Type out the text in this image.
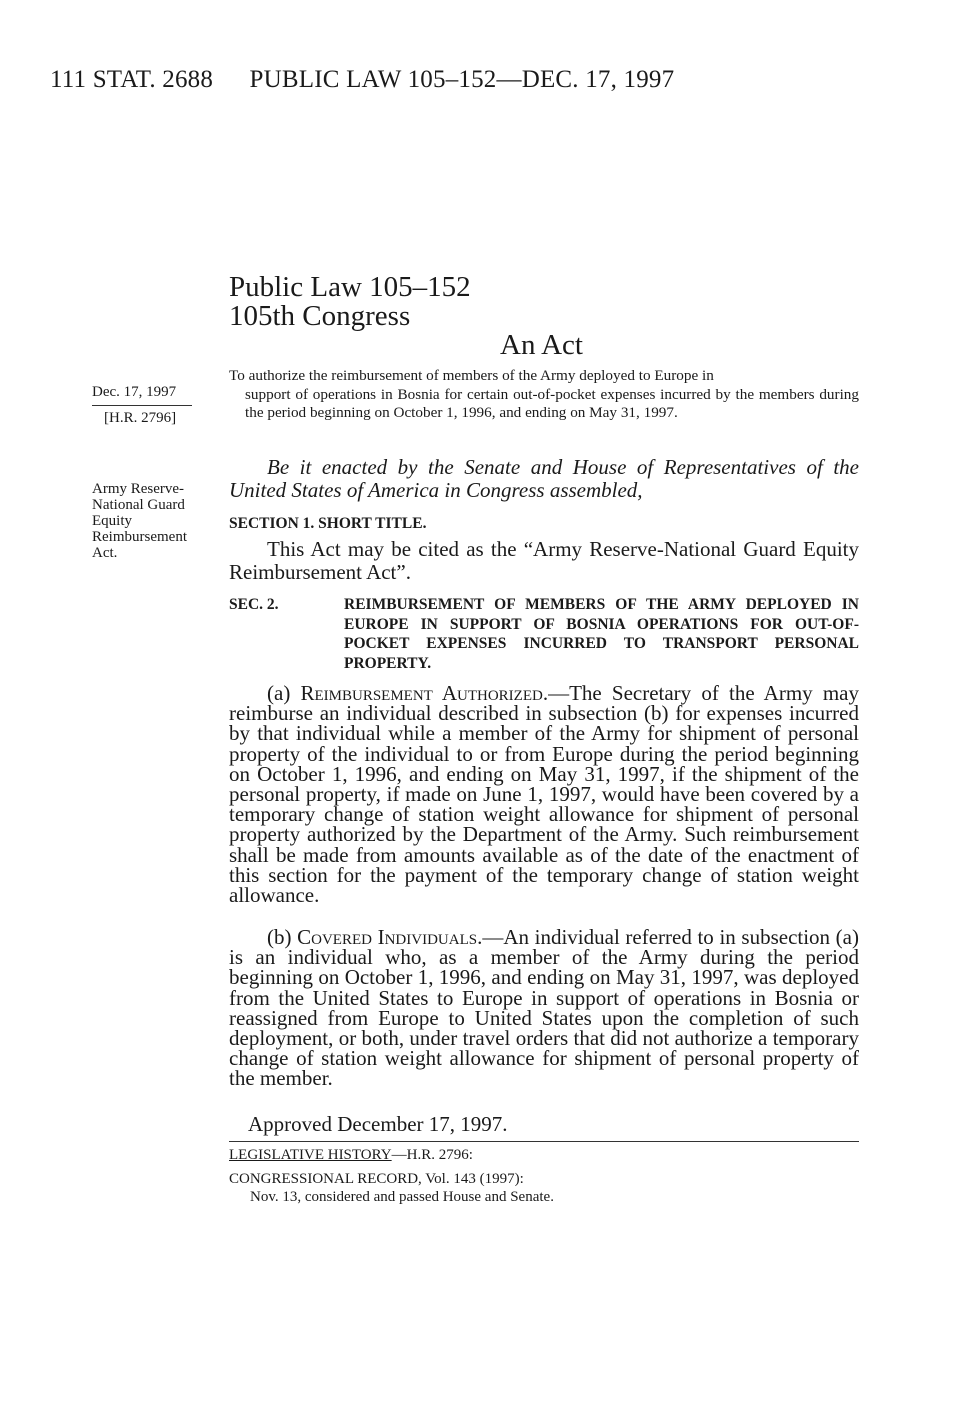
111 STAT. 2688 PUBLIC LAW 105–152—DEC. 17, 1997
Public Law 105–152
105th Congress
An Act
Dec. 17, 1997
[H.R. 2796]
Army Reserve-
National Guard
Equity
Reimbursement
Act.
To authorize the reimbursement of members of the Army deployed to Europe in
support of operations in Bosnia for certain out-of-pocket expenses incurred by the members during the period beginning on October 1, 1996, and ending on May 31, 1997.
Be it enacted by the Senate and House of Representatives of the United States of America in Congress assembled,
SECTION 1. SHORT TITLE.
This Act may be cited as the “Army Reserve-National Guard Equity Reimbursement Act”.
SEC. 2.	REIMBURSEMENT OF MEMBERS OF THE ARMY DEPLOYED IN EUROPE IN SUPPORT OF BOSNIA OPERATIONS FOR OUT-OF-POCKET EXPENSES INCURRED TO TRANSPORT PERSONAL PROPERTY.

(a) Reimbursement Authorized.—The Secretary of the Army may reimburse an individual described in subsection (b) for expenses incurred by that individual while a member of the Army for shipment of personal property of the individual to or from Europe during the period beginning on October 1, 1996, and ending on May 31, 1997, if the shipment of the personal property, if made on June 1, 1997, would have been covered by a temporary change of station weight allowance for shipment of personal property authorized by the Department of the Army. Such reimbursement shall be made from amounts available as of the date of the enactment of this section for the payment of the temporary change of station weight allowance.

(b) Covered Individuals.—An individual referred to in subsection (a) is an individual who, as a member of the Army during the period beginning on October 1, 1996, and ending on May 31, 1997, was deployed from the United States to Europe in support of operations in Bosnia or reassigned from Europe to United States upon the completion of such deployment, or both, under travel orders that did not authorize a temporary change of station weight allowance for shipment of personal property of the member.

Approved December 17, 1997.
LEGISLATIVE HISTORY—H.R. 2796:
CONGRESSIONAL RECORD, Vol. 143 (1997):
Nov. 13, considered and passed House and Senate.
